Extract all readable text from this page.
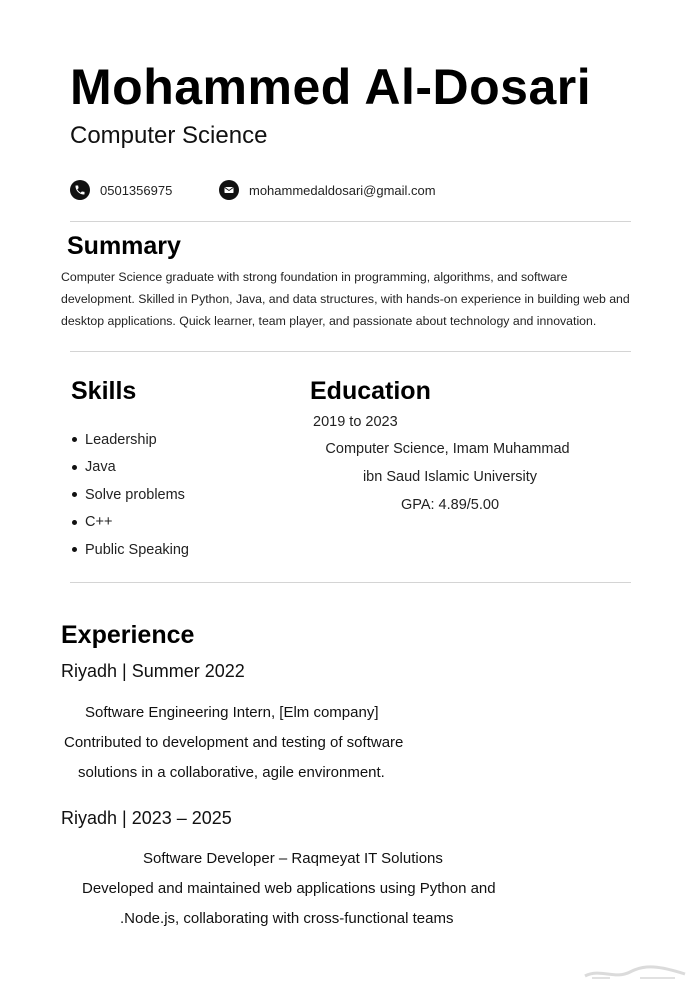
Mohammed Al-Dosari
Computer Science
0501356975	mohammedaldosari@gmail.com
Summary
Computer Science graduate with strong foundation in programming, algorithms, and software
development. Skilled in Python, Java, and data structures, with hands-on experience in building web and
desktop applications. Quick learner, team player, and passionate about technology and innovation.
Skills
Leadership
Java
Solve problems
C++
Public Speaking
Education
2019 to 2023
Computer Science, Imam Muhammad
ibn Saud Islamic University
GPA: 4.89/5.00
Experience
Riyadh | Summer 2022
Software Engineering Intern, [Elm company]
Contributed to development and testing of software
solutions in a collaborative, agile environment.
Riyadh | 2023 – 2025
Software Developer – Raqmeyat IT Solutions
Developed and maintained web applications using Python and
.Node.js, collaborating with cross-functional teams
